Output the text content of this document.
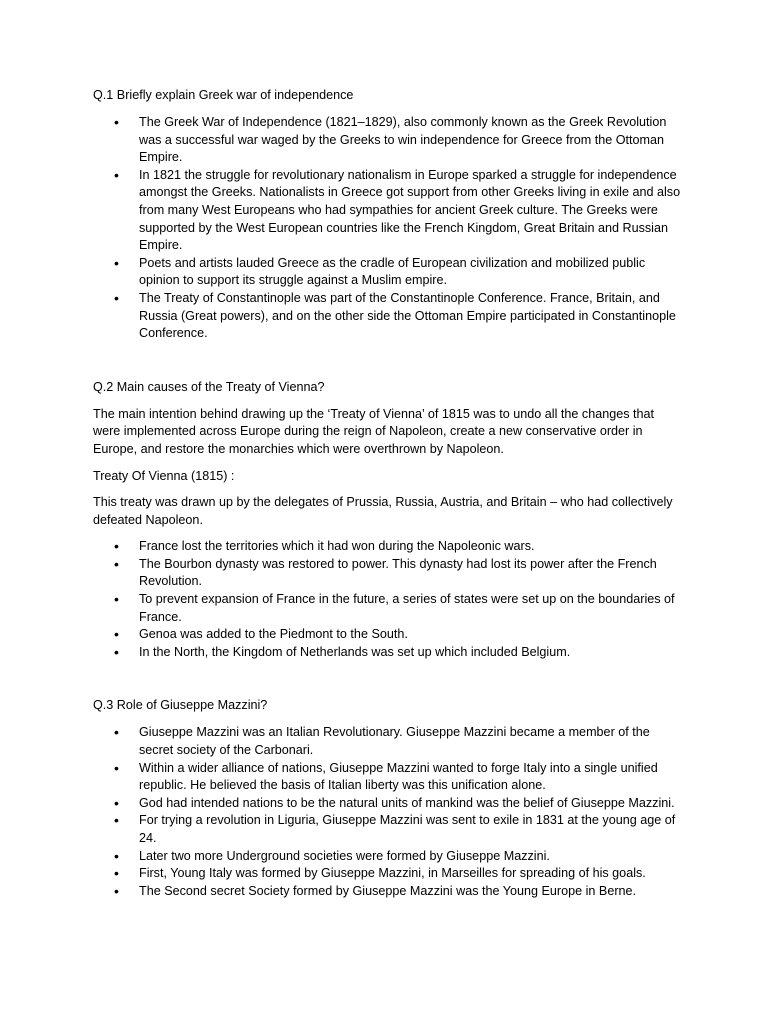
Q.1 Briefly explain Greek war of independence

• The Greek War of Independence (1821–1829), also commonly known as the Greek Revolution was a successful war waged by the Greeks to win independence for Greece from the Ottoman Empire.
• In 1821 the struggle for revolutionary nationalism in Europe sparked a struggle for independence amongst the Greeks. Nationalists in Greece got support from other Greeks living in exile and also from many West Europeans who had sympathies for ancient Greek culture. The Greeks were supported by the West European countries like the French Kingdom, Great Britain and Russian Empire.
• Poets and artists lauded Greece as the cradle of European civilization and mobilized public opinion to support its struggle against a Muslim empire.
• The Treaty of Constantinople was part of the Constantinople Conference. France, Britain, and Russia (Great powers), and on the other side the Ottoman Empire participated in Constantinople Conference.

Q.2 Main causes of the Treaty of Vienna?

The main intention behind drawing up the ‘Treaty of Vienna’ of 1815 was to undo all the changes that were implemented across Europe during the reign of Napoleon, create a new conservative order in Europe, and restore the monarchies which were overthrown by Napoleon.

Treaty Of Vienna (1815) :

This treaty was drawn up by the delegates of Prussia, Russia, Austria, and Britain – who had collectively defeated Napoleon.

• France lost the territories which it had won during the Napoleonic wars.
• The Bourbon dynasty was restored to power. This dynasty had lost its power after the French Revolution.
• To prevent expansion of France in the future, a series of states were set up on the boundaries of France.
• Genoa was added to the Piedmont to the South.
• In the North, the Kingdom of Netherlands was set up which included Belgium.

Q.3 Role of Giuseppe Mazzini?

• Giuseppe Mazzini was an Italian Revolutionary. Giuseppe Mazzini became a member of the secret society of the Carbonari.
• Within a wider alliance of nations, Giuseppe Mazzini wanted to forge Italy into a single unified republic. He believed the basis of Italian liberty was this unification alone.
• God had intended nations to be the natural units of mankind was the belief of Giuseppe Mazzini.
• For trying a revolution in Liguria, Giuseppe Mazzini was sent to exile in 1831 at the young age of 24.
• Later two more Underground societies were formed by Giuseppe Mazzini.
• First, Young Italy was formed by Giuseppe Mazzini, in Marseilles for spreading of his goals.
• The Second secret Society formed by Giuseppe Mazzini was the Young Europe in Berne.
